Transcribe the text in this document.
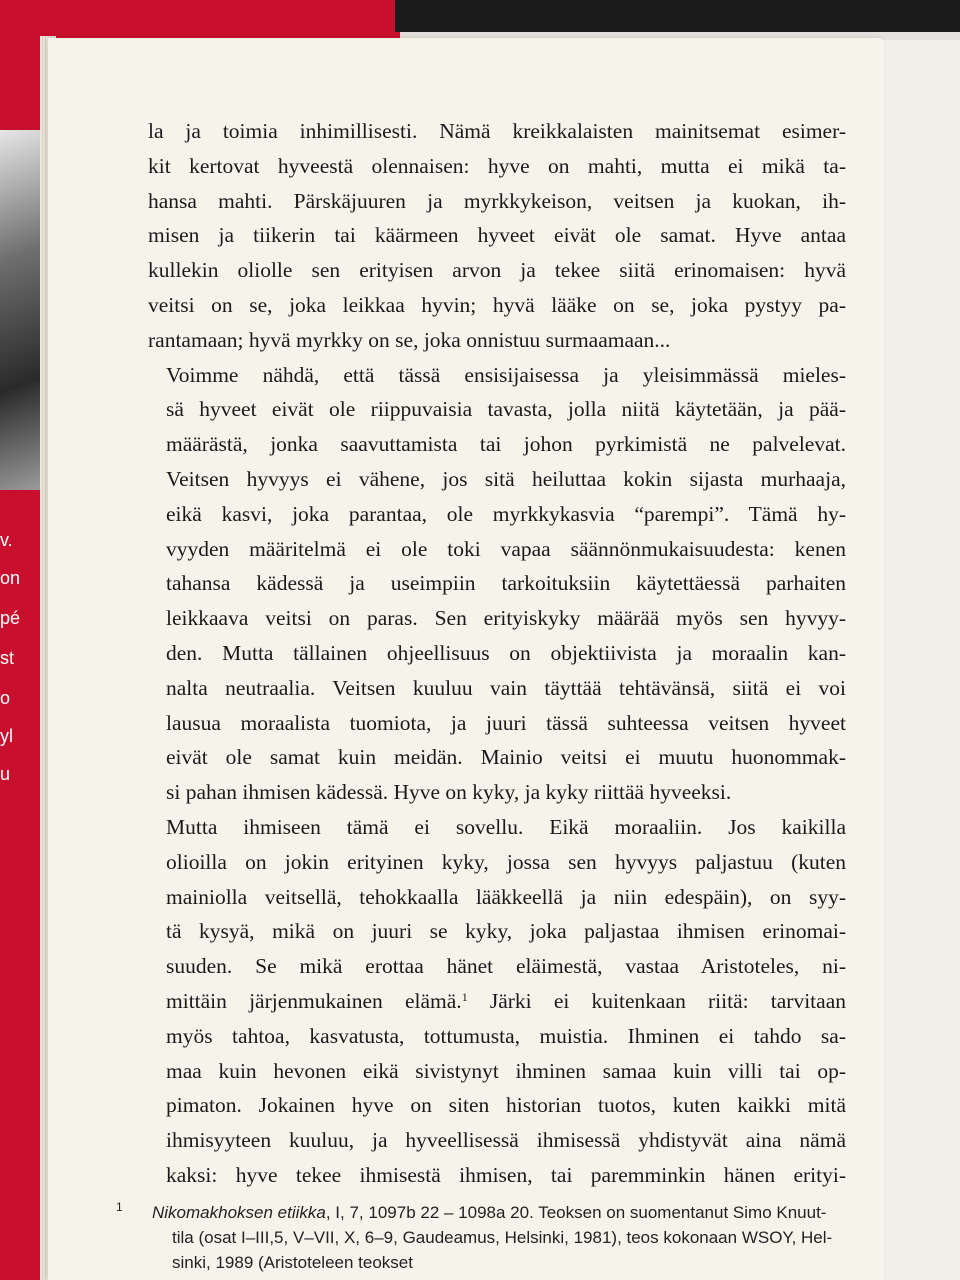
v.
on
pé
st
o
yl
u

la ja toimia inhimillisesti. Nämä kreikkalaisten mainitsemat esimer-
kit kertovat hyveestä olennaisen: hyve on mahti, mutta ei mikä ta-
hansa mahti. Pärskäjuuren ja myrkkykeison, veitsen ja kuokan, ih-
misen ja tiikerin tai käärmeen hyveet eivät ole samat. Hyve antaa
kullekin oliolle sen erityisen arvon ja tekee siitä erinomaisen: hyvä
veitsi on se, joka leikkaa hyvin; hyvä lääke on se, joka pystyy pa-
rantamaan; hyvä myrkky on se, joka onnistuu surmaamaan...

Voimme nähdä, että tässä ensisijaisessa ja yleisimmässä mieles-
sä hyveet eivät ole riippuvaisia tavasta, jolla niitä käytetään, ja pää-
määrästä, jonka saavuttamista tai johon pyrkimistä ne palvelevat.
Veitsen hyvyys ei vähene, jos sitä heiluttaa kokin sijasta murhaaja,
eikä kasvi, joka parantaa, ole myrkkykasvia “parempi”. Tämä hy-
vyyden määritelmä ei ole toki vapaa säännönmukaisuudesta: kenen
tahansa kädessä ja useimpiin tarkoituksiin käytettäessä parhaiten
leikkaava veitsi on paras. Sen erityiskyky määrää myös sen hyvyy-
den. Mutta tällainen ohjeellisuus on objektiivista ja moraalin kan-
nalta neutraalia. Veitsen kuuluu vain täyttää tehtävänsä, siitä ei voi
lausua moraalista tuomiota, ja juuri tässä suhteessa veitsen hyveet
eivät ole samat kuin meidän. Mainio veitsi ei muutu huonommak-
si pahan ihmisen kädessä. Hyve on kyky, ja kyky riittää hyveeksi.

Mutta ihmiseen tämä ei sovellu. Eikä moraaliin. Jos kaikilla
olioilla on jokin erityinen kyky, jossa sen hyvyys paljastuu (kuten
mainiolla veitsellä, tehokkaalla lääkkeellä ja niin edespäin), on syy-
tä kysyä, mikä on juuri se kyky, joka paljastaa ihmisen erinomai-
suuden. Se mikä erottaa hänet eläimestä, vastaa Aristoteles, ni-
mittäin järjenmukainen elämä.$^1$ Järki ei kuitenkaan riitä: tarvitaan
myös tahtoa, kasvatusta, tottumusta, muistia. Ihminen ei tahdo sa-
maa kuin hevonen eikä sivistynyt ihminen samaa kuin villi tai op-
pimaton. Jokainen hyve on siten historian tuotos, kuten kaikki mitä
ihmisyyteen kuuluu, ja hyveellisessä ihmisessä yhdistyvät aina nämä
kaksi: hyve tekee ihmisestä ihmisen, tai paremminkin hänen erityi-

1	Nikomakhoksen etiikka, I, 7, 1097b 22 – 1098a 20. Teoksen on suomentanut Simo Knuut-
tila (osat I–III,5, V–VII, X, 6–9, Gaudeamus, Helsinki, 1981), teos kokonaan WSOY, Hel-
sinki, 1989 (Aristoteleen teokset
